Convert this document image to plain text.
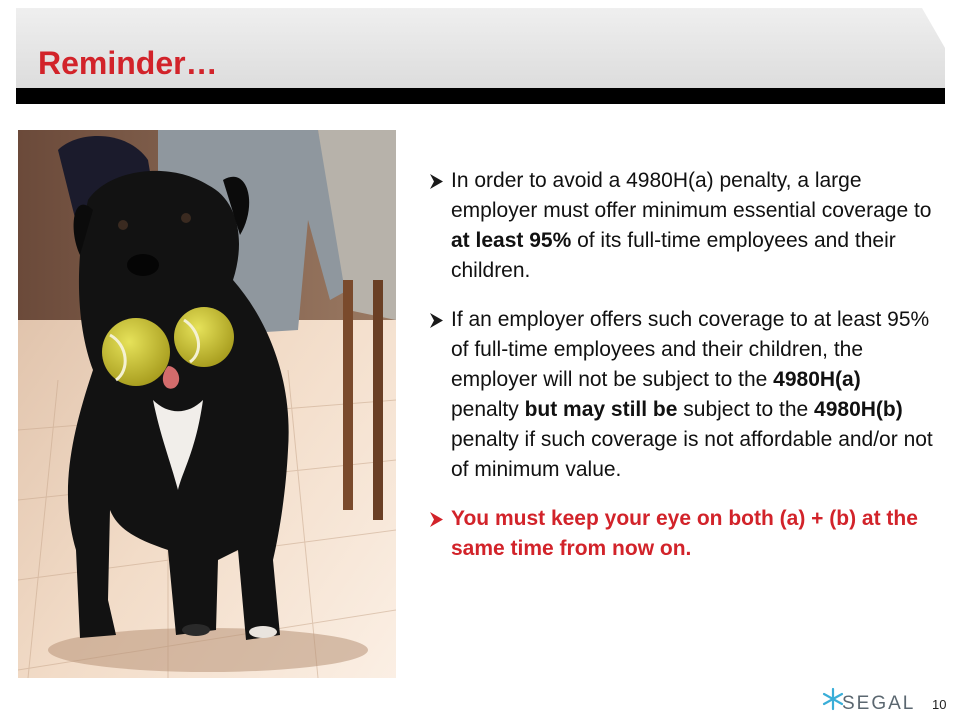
Reminder…
In order to avoid a 4980H(a) penalty, a large employer must offer minimum essential coverage to at least 95% of its full-time employees and their children.
If an employer offers such coverage to at least 95% of full-time employees and their children, the employer will not be subject to the 4980H(a) penalty but may still be subject to the 4980H(b) penalty if such coverage is not affordable and/or not of minimum value.
You must keep your eye on both (a) + (b) at the same time from now on.
SEGAL 10
